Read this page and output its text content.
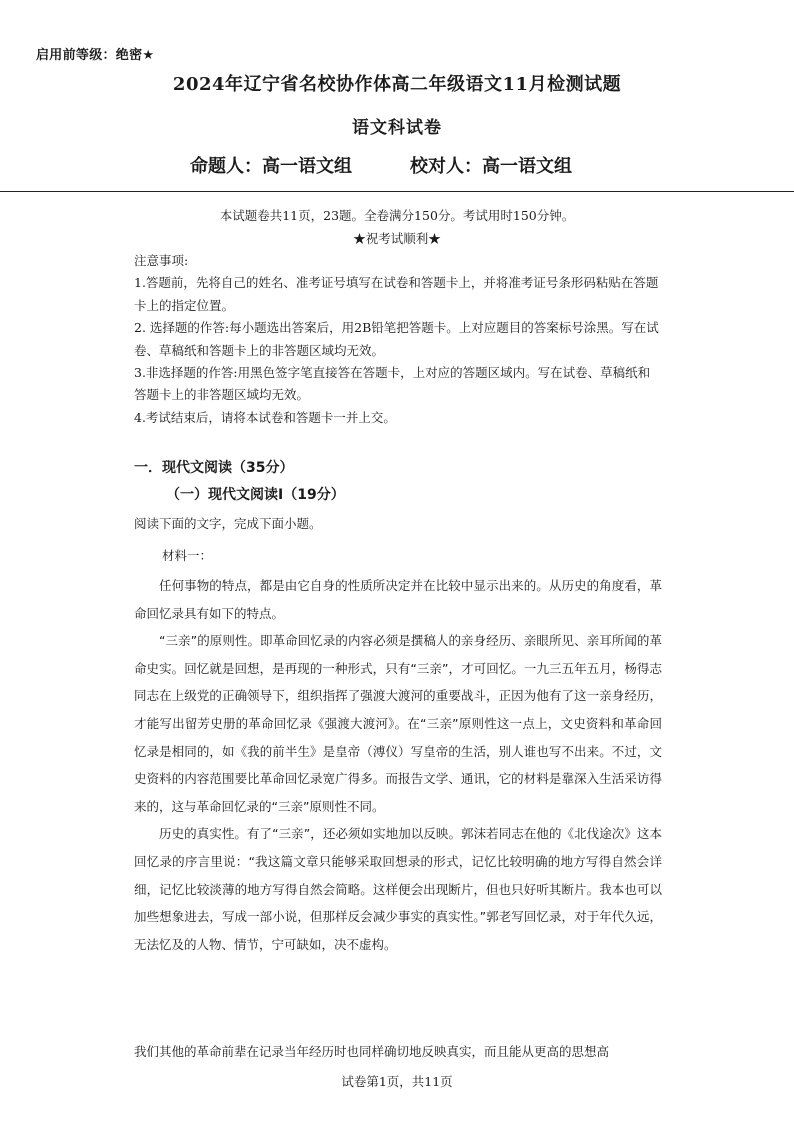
启用前等级：绝密★
2024年辽宁省名校协作体高二年级语文11月检测试题
语文科试卷
命题人：高一语文组	校对人：高一语文组
本试题卷共11页，23题。全卷满分150分。考试用时150分钟。
★祝考试顺利★

注意事项:

1.答题前，先将自己的姓名、准考证号填写在试卷和答题卡上，并将准考证号条形码粘贴在答题卡上的指定位置。

2. 选择题的作答:每小题选出答案后，用2B铅笔把答题卡。上对应题目的答案标号涂黑。写在试卷、草稿纸和答题卡上的非答题区域均无效。

3.非选择题的作答:用黑色签字笔直接答在答题卡，上对应的答题区域内。写在试卷、草稿纸和答题卡上的非答题区域均无效。

4.考试结束后，请将本试卷和答题卡一并上交。

一．现代文阅读（35分）
（一）现代文阅读Ⅰ（19分）
阅读下面的文字，完成下面小题。
材料一：

任何事物的特点，都是由它自身的性质所决定并在比较中显示出来的。从历史的角度看，革命回忆录具有如下的特点。

“三亲”的原则性。即革命回忆录的内容必须是撰稿人的亲身经历、亲眼所见、亲耳所闻的革命史实。回忆就是回想，是再现的一种形式，只有“三亲”，才可回忆。一九三五年五月，杨得志同志在上级党的正确领导下，组织指挥了强渡大渡河的重要战斗，正因为他有了这一亲身经历，才能写出留芳史册的革命回忆录《强渡大渡河》。在“三亲”原则性这一点上，文史资料和革命回忆录是相同的，如《我的前半生》是皇帝（溥仪）写皇帝的生活，别人谁也写不出来。不过，文史资料的内容范围要比革命回忆录宽广得多。而报告文学、通讯，它的材料是靠深入生活采访得来的，这与革命回忆录的“三亲”原则性不同。

历史的真实性。有了“三亲”，还必须如实地加以反映。郭沫若同志在他的《北伐途次》这本回忆录的序言里说：“我这篇文章只能够采取回想录的形式，记忆比较明确的地方写得自然会详细，记忆比较淡薄的地方写得自然会简略。这样便会出现断片，但也只好听其断片。我本也可以加些想象进去，写成一部小说，但那样反会减少事实的真实性。”郭老写回忆录，对于年代久远，无法忆及的人物、情节，宁可缺如，决不虚构。

我们其他的革命前辈在记录当年经历时也同样确切地反映真实，而且能从更高的思想高
试卷第1页，共11页
